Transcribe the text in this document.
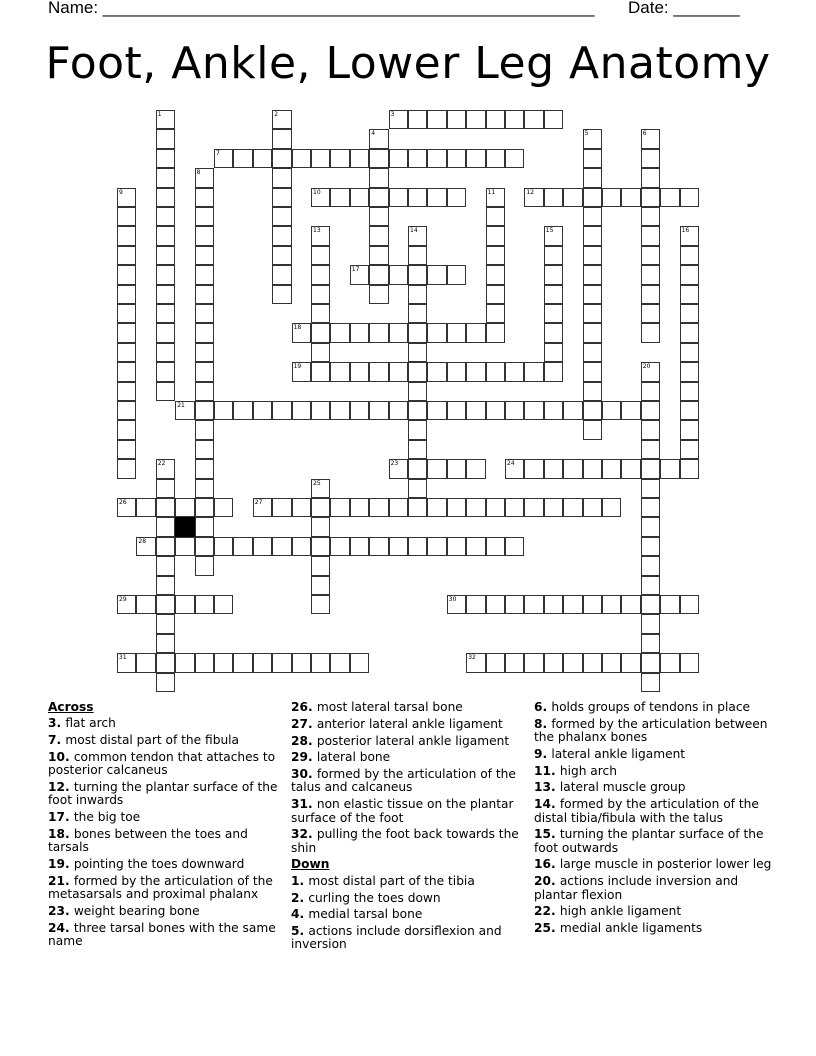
Name: ____________________________________________________ Date: _______
Foot, Ankle, Lower Leg Anatomy
3
7
10	12
17
18
19
21
23	24
26	27
28
29	30
31	32
1	2
4	5	6
8
9	11
13	14	15	16
20
22
25
Across
3. flat arch
7. most distal part of the fibula
10. common tendon that attaches to posterior calcaneus
12. turning the plantar surface of the foot inwards
17. the big toe
18. bones between the toes and tarsals
19. pointing the toes downward
21. formed by the articulation of the metasarsals and proximal phalanx
23. weight bearing bone
24. three tarsal bones with the same name
26. most lateral tarsal bone
27. anterior lateral ankle ligament
28. posterior lateral ankle ligament
29. lateral bone
30. formed by the articulation of the talus and calcaneus
31. non elastic tissue on the plantar surface of the foot
32. pulling the foot back towards the shin
Down
1. most distal part of the tibia
2. curling the toes down
4. medial tarsal bone
5. actions include dorsiflexion and inversion
6. holds groups of tendons in place
8. formed by the articulation between the phalanx bones
9. lateral ankle ligament
11. high arch
13. lateral muscle group
14. formed by the articulation of the distal tibia/fibula with the talus
15. turning the plantar surface of the foot outwards
16. large muscle in posterior lower leg
20. actions include inversion and plantar flexion
22. high ankle ligament
25. medial ankle ligaments
